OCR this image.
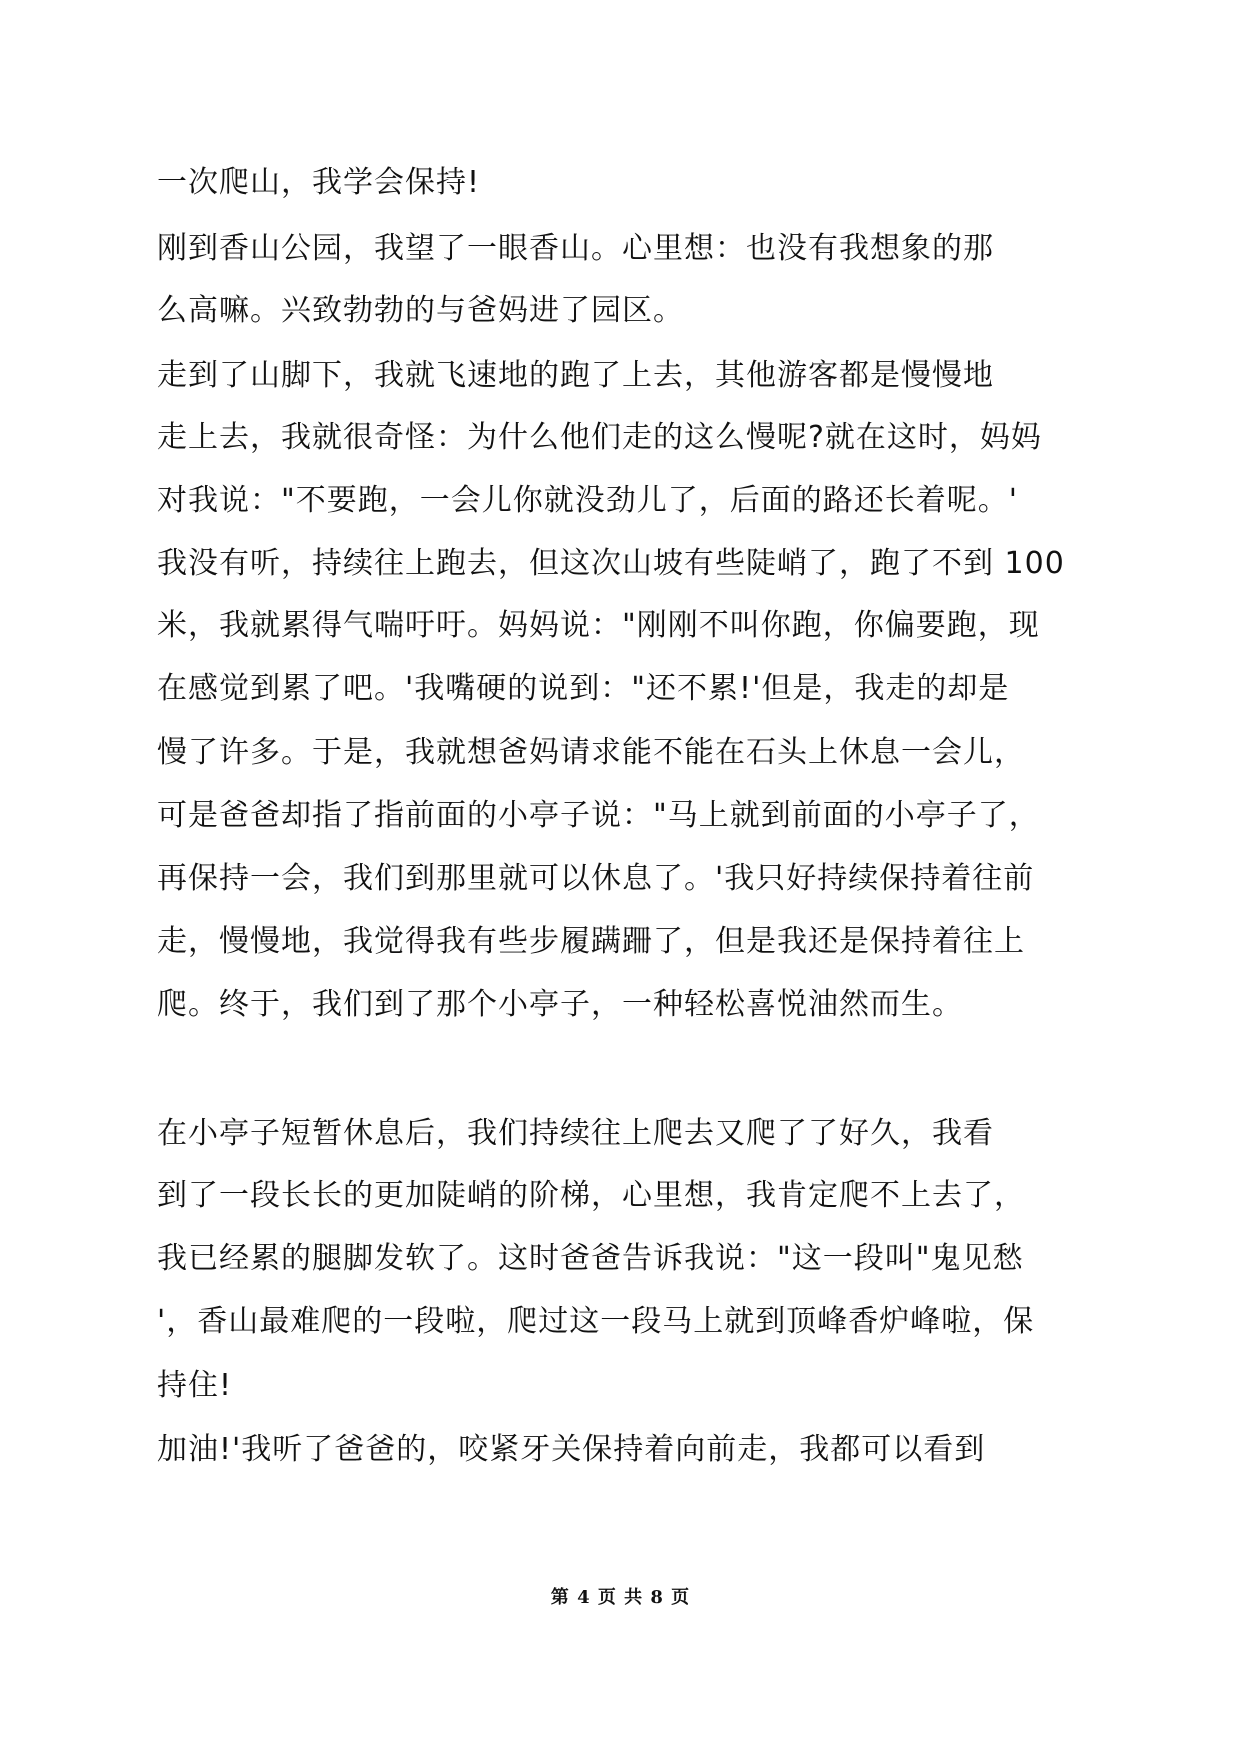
一次爬山，我学会保持!
刚到香山公园，我望了一眼香山。心里想：也没有我想象的那
么高嘛。兴致勃勃的与爸妈进了园区。
走到了山脚下，我就飞速地的跑了上去，其他游客都是慢慢地
走上去，我就很奇怪：为什么他们走的这么慢呢?就在这时，妈妈
对我说："不要跑，一会儿你就没劲儿了，后面的路还长着呢。'
我没有听，持续往上跑去，但这次山坡有些陡峭了，跑了不到 100
米，我就累得气喘吁吁。妈妈说："刚刚不叫你跑，你偏要跑，现
在感觉到累了吧。'我嘴硬的说到："还不累!'但是，我走的却是
慢了许多。于是，我就想爸妈请求能不能在石头上休息一会儿，
可是爸爸却指了指前面的小亭子说："马上就到前面的小亭子了，
再保持一会，我们到那里就可以休息了。'我只好持续保持着往前
走，慢慢地，我觉得我有些步履蹒跚了，但是我还是保持着往上
爬。终于，我们到了那个小亭子，一种轻松喜悦油然而生。
在小亭子短暂休息后，我们持续往上爬去又爬了了好久，我看
到了一段长长的更加陡峭的阶梯，心里想，我肯定爬不上去了，
我已经累的腿脚发软了。这时爸爸告诉我说："这一段叫"鬼见愁
'，香山最难爬的一段啦，爬过这一段马上就到顶峰香炉峰啦，保
持住!
加油!'我听了爸爸的，咬紧牙关保持着向前走，我都可以看到
第 4 页 共 8 页
